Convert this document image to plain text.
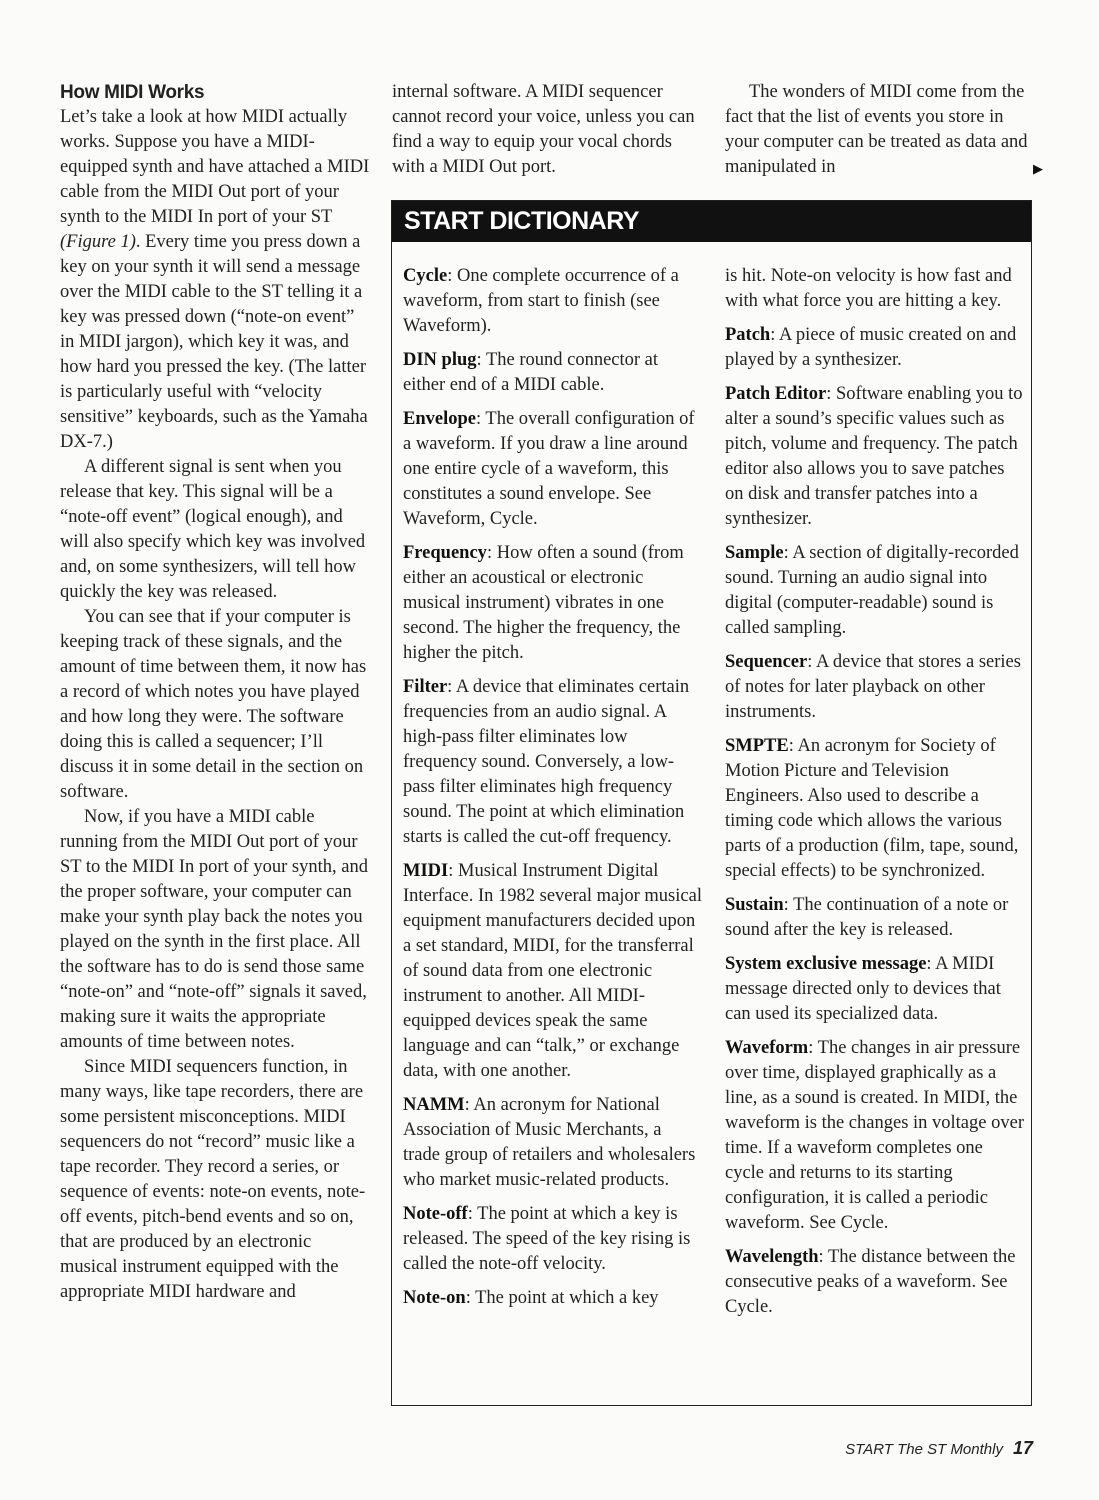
How MIDI Works

Let’s take a look at how MIDI actually works. Suppose you have a MIDI-equipped synth and have attached a MIDI cable from the MIDI Out port of your synth to the MIDI In port of your ST (Figure 1). Every time you press down a key on your synth it will send a message over the MIDI cable to the ST telling it a key was pressed down (“note-on event” in MIDI jargon), which key it was, and how hard you pressed the key. (The latter is particularly useful with “velocity sensitive” keyboards, such as the Yamaha DX-7.)

A different signal is sent when you release that key. This signal will be a “note-off event” (logical enough), and will also specify which key was involved and, on some synthesizers, will tell how quickly the key was released.

You can see that if your computer is keeping track of these signals, and the amount of time between them, it now has a record of which notes you have played and how long they were. The software doing this is called a sequencer; I’ll discuss it in some detail in the section on software.

Now, if you have a MIDI cable running from the MIDI Out port of your ST to the MIDI In port of your synth, and the proper software, your computer can make your synth play back the notes you played on the synth in the first place. All the software has to do is send those same “note-on” and “note-off” signals it saved, making sure it waits the appropriate amounts of time between notes.

Since MIDI sequencers function, in many ways, like tape recorders, there are some persistent misconceptions. MIDI sequencers do not “record” music like a tape recorder. They record a series, or sequence of events: note-on events, note-off events, pitch-bend events and so on, that are produced by an electronic musical instrument equipped with the appropriate MIDI hardware and

internal software. A MIDI sequencer cannot record your voice, unless you can find a way to equip your vocal chords with a MIDI Out port.

The wonders of MIDI come from the fact that the list of events you store in your computer can be treated as data and manipulated in	▶
START DICTIONARY

Cycle: One complete occurrence of a waveform, from start to finish (see Waveform).

DIN plug: The round connector at either end of a MIDI cable.

Envelope: The overall configuration of a waveform. If you draw a line around one entire cycle of a waveform, this constitutes a sound envelope. See Waveform, Cycle.

Frequency: How often a sound (from either an acoustical or electronic musical instrument) vibrates in one second. The higher the frequency, the higher the pitch.

Filter: A device that eliminates certain frequencies from an audio signal. A high-pass filter eliminates low frequency sound. Conversely, a low-pass filter eliminates high frequency sound. The point at which elimination starts is called the cut-off frequency.

MIDI: Musical Instrument Digital Interface. In 1982 several major musical equipment manufacturers decided upon a set standard, MIDI, for the transferral of sound data from one electronic instrument to another. All MIDI-equipped devices speak the same language and can “talk,” or exchange data, with one another.

NAMM: An acronym for National Association of Music Merchants, a trade group of retailers and wholesalers who market music-related products.

Note-off: The point at which a key is released. The speed of the key rising is called the note-off velocity.

Note-on: The point at which a key

is hit. Note-on velocity is how fast and with what force you are hitting a key.

Patch: A piece of music created on and played by a synthesizer.

Patch Editor: Software enabling you to alter a sound’s specific values such as pitch, volume and frequency. The patch editor also allows you to save patches on disk and transfer patches into a synthesizer.

Sample: A section of digitally-recorded sound. Turning an audio signal into digital (computer-readable) sound is called sampling.

Sequencer: A device that stores a series of notes for later playback on other instruments.

SMPTE: An acronym for Society of Motion Picture and Television Engineers. Also used to describe a timing code which allows the various parts of a production (film, tape, sound, special effects) to be synchronized.

Sustain: The continuation of a note or sound after the key is released.

System exclusive message: A MIDI message directed only to devices that can used its specialized data.

Waveform: The changes in air pressure over time, displayed graphically as a line, as a sound is created. In MIDI, the waveform is the changes in voltage over time. If a waveform completes one cycle and returns to its starting configuration, it is called a periodic waveform. See Cycle.

Wavelength: The distance between the consecutive peaks of a waveform. See Cycle.

START The ST Monthly 17
